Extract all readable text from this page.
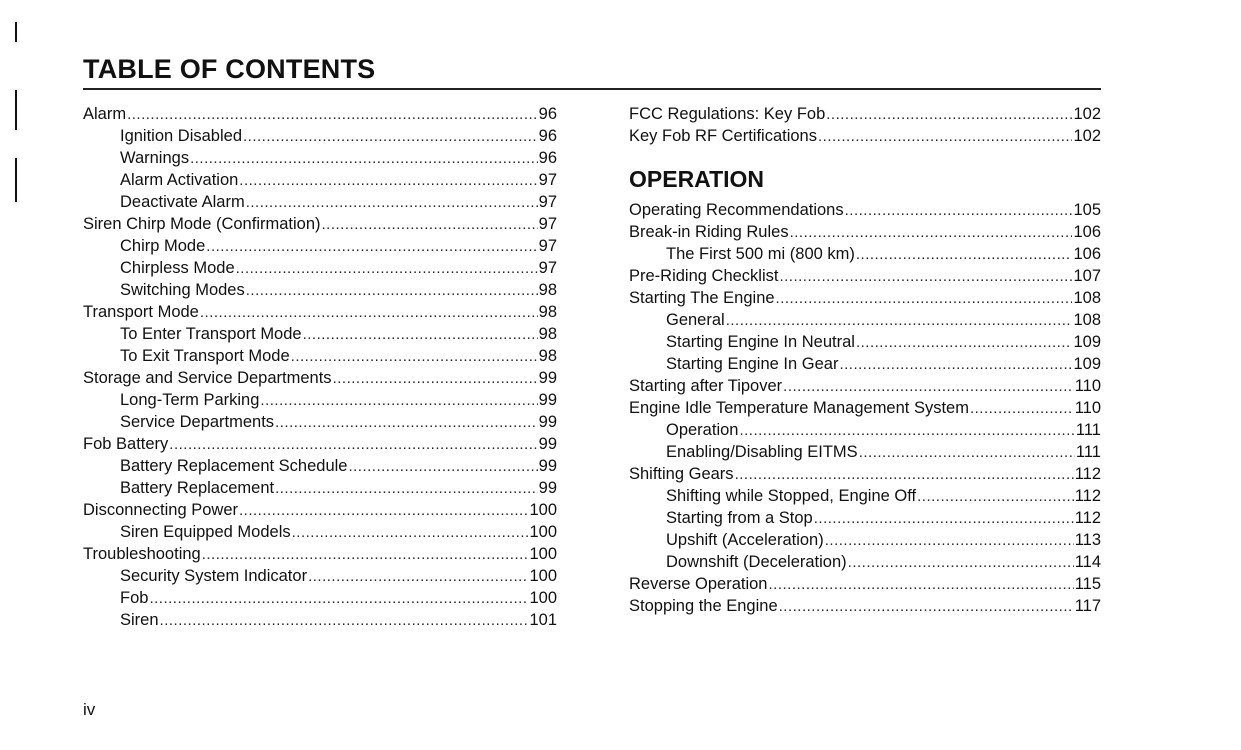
TABLE OF CONTENTS
Alarm .....	96
Ignition Disabled .....	96
Warnings .....	96
Alarm Activation .....	97
Deactivate Alarm .....	97
Siren Chirp Mode (Confirmation) .....	97
Chirp Mode .....	97
Chirpless Mode .....	97
Switching Modes .....	98
Transport Mode .....	98
To Enter Transport Mode .....	98
To Exit Transport Mode .....	98
Storage and Service Departments .....	99
Long-Term Parking .....	99
Service Departments .....	99
Fob Battery .....	99
Battery Replacement Schedule .....	99
Battery Replacement .....	99
Disconnecting Power .....	100
Siren Equipped Models .....	100
Troubleshooting .....	100
Security System Indicator .....	100
Fob .....	100
Siren .....	101
FCC Regulations: Key Fob .....	102
Key Fob RF Certifications .....	102
OPERATION
Operating Recommendations .....	105
Break-in Riding Rules .....	106
The First 500 mi (800 km) .....	106
Pre-Riding Checklist .....	107
Starting The Engine .....	108
General .....	108
Starting Engine In Neutral .....	109
Starting Engine In Gear .....	109
Starting after Tipover .....	110
Engine Idle Temperature Management System .....	110
Operation .....	111
Enabling/Disabling EITMS .....	111
Shifting Gears .....	112
Shifting while Stopped, Engine Off .....	112
Starting from a Stop .....	112
Upshift (Acceleration) .....	113
Downshift (Deceleration) .....	114
Reverse Operation .....	115
Stopping the Engine .....	117
iv
